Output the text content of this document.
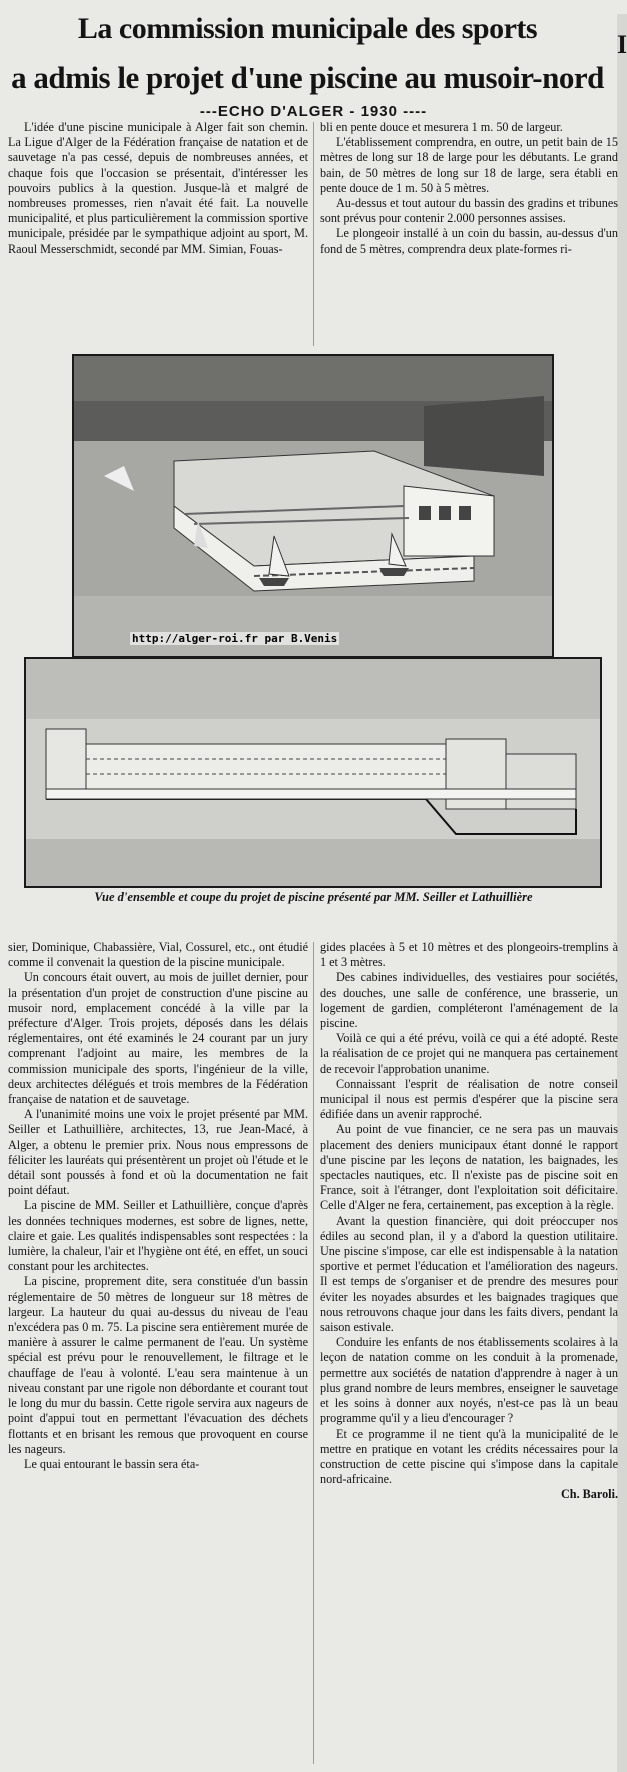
I
La commission municipale des sports
a admis le projet d'une piscine au musoir-nord
---ECHO D'ALGER - 1930 ----

L'idée d'une piscine municipale à Alger fait son chemin. La Ligue d'Alger de la Fédération française de natation et de sauvetage n'a pas cessé, depuis de nombreuses années, et chaque fois que l'occasion se présentait, d'intéresser les pouvoirs publics à la question. Jusque-là et malgré de nombreuses promesses, rien n'avait été fait. La nouvelle municipalité, et plus particulièrement la commission sportive municipale, présidée par le sympathique adjoint au sport, M. Raoul Messerschmidt, secondé par MM. Simian, Fouas-

bli en pente douce et mesurera 1 m. 50 de largeur.

L'établissement comprendra, en outre, un petit bain de 15 mètres de long sur 18 de large pour les débutants. Le grand bain, de 50 mètres de long sur 18 de large, sera établi en pente douce de 1 m. 50 à 5 mètres.

Au-dessus et tout autour du bassin des gradins et tribunes sont prévus pour contenir 2.000 personnes assises.

Le plongeoir installé à un coin du bassin, au-dessus d'un fond de 5 mètres, comprendra deux plate-formes ri-

http://alger-roi.fr par B.Venis
Vue d'ensemble et coupe du projet de piscine présenté par MM. Seiller et Lathuillière

sier, Dominique, Chabassière, Vial, Cossurel, etc., ont étudié comme il convenait la question de la piscine municipale.

Un concours était ouvert, au mois de juillet dernier, pour la présentation d'un projet de construction d'une piscine au musoir nord, emplacement concédé à la ville par la préfecture d'Alger. Trois projets, déposés dans les délais réglementaires, ont été examinés le 24 courant par un jury comprenant l'adjoint au maire, les membres de la commission municipale des sports, l'ingénieur de la ville, deux architectes délégués et trois membres de la Fédération française de natation et de sauvetage.

A l'unanimité moins une voix le projet présenté par MM. Seiller et Lathuillière, architectes, 13, rue Jean-Macé, à Alger, a obtenu le premier prix. Nous nous empressons de féliciter les lauréats qui présentèrent un projet où l'étude et le détail sont poussés à fond et où la documentation ne fait point défaut.

La piscine de MM. Seiller et Lathuillière, conçue d'après les données techniques modernes, est sobre de lignes, nette, claire et gaie. Les qualités indispensables sont respectées : la lumière, la chaleur, l'air et l'hygiène ont été, en effet, un souci constant pour les architectes.

La piscine, proprement dite, sera constituée d'un bassin réglementaire de 50 mètres de longueur sur 18 mètres de largeur. La hauteur du quai au-dessus du niveau de l'eau n'excédera pas 0 m. 75. La piscine sera entièrement murée de manière à assurer le calme permanent de l'eau. Un système spécial est prévu pour le renouvellement, le filtrage et le chauffage de l'eau à volonté. L'eau sera maintenue à un niveau constant par une rigole non débordante et courant tout le long du mur du bassin. Cette rigole servira aux nageurs de point d'appui tout en permettant l'évacuation des déchets flottants et en brisant les remous que provoquent en course les nageurs.

Le quai entourant le bassin sera éta-

gides placées à 5 et 10 mètres et des plongeoirs-tremplins à 1 et 3 mètres.

Des cabines individuelles, des vestiaires pour sociétés, des douches, une salle de conférence, une brasserie, un logement de gardien, compléteront l'aménagement de la piscine.

Voilà ce qui a été prévu, voilà ce qui a été adopté. Reste la réalisation de ce projet qui ne manquera pas certainement de recevoir l'approbation unanime.

Connaissant l'esprit de réalisation de notre conseil municipal il nous est permis d'espérer que la piscine sera édifiée dans un avenir rapproché.

Au point de vue financier, ce ne sera pas un mauvais placement des deniers municipaux étant donné le rapport d'une piscine par les leçons de natation, les baignades, les spectacles nautiques, etc. Il n'existe pas de piscine soit en France, soit à l'étranger, dont l'exploitation soit déficitaire. Celle d'Alger ne fera, certainement, pas exception à la règle.

Avant la question financière, qui doit préoccuper nos édiles au second plan, il y a d'abord la question utilitaire. Une piscine s'impose, car elle est indispensable à la natation sportive et permet l'éducation et l'amélioration des nageurs. Il est temps de s'organiser et de prendre des mesures pour éviter les noyades absurdes et les baignades tragiques que nous retrouvons chaque jour dans les faits divers, pendant la saison estivale.

Conduire les enfants de nos établissements scolaires à la leçon de natation comme on les conduit à la promenade, permettre aux sociétés de natation d'apprendre à nager à un plus grand nombre de leurs membres, enseigner le sauvetage et les soins à donner aux noyés, n'est-ce pas là un beau programme qu'il y a lieu d'encourager ?

Et ce programme il ne tient qu'à la municipalité de le mettre en pratique en votant les crédits nécessaires pour la construction de cette piscine qui s'impose dans la capitale nord-africaine.

Ch. Baroli.
